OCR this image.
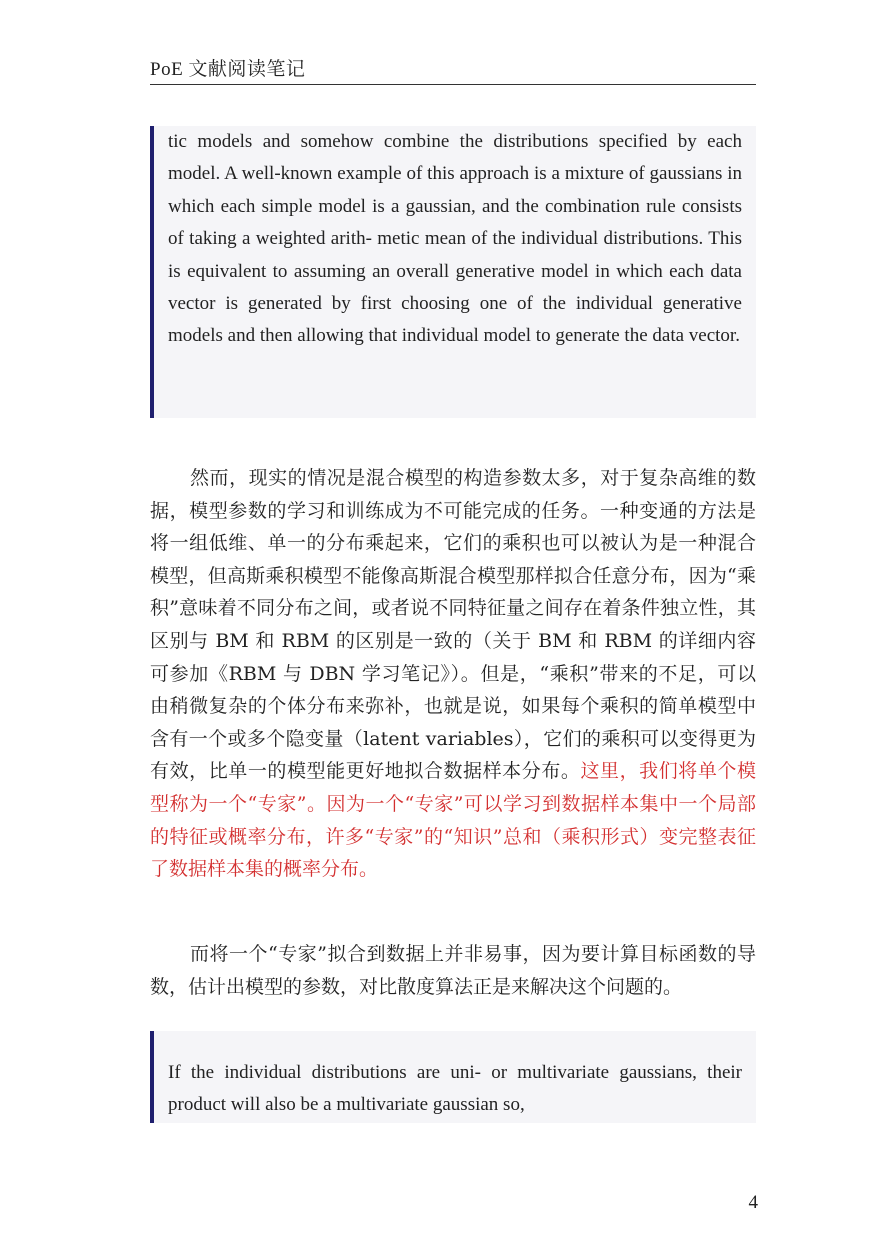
PoE 文献阅读笔记

tic models and somehow combine the distributions specified by each model. A well-known example of this approach is a mixture of gaussians in which each simple model is a gaussian, and the combination rule consists of taking a weighted arith- metic mean of the individual distributions. This is equivalent to assuming an overall generative model in which each data vector is generated by first choosing one of the individual generative models and then allowing that individual model to generate the data vector.

然而，现实的情况是混合模型的构造参数太多，对于复杂高维的数据，模型参数的学习和训练成为不可能完成的任务。一种变通的方法是将一组低维、单一的分布乘起来，它们的乘积也可以被认为是一种混合模型，但高斯乘积模型不能像高斯混合模型那样拟合任意分布，因为“乘积”意味着不同分布之间，或者说不同特征量之间存在着条件独立性，其区别与 BM 和 RBM 的区别是一致的（关于 BM 和 RBM 的详细内容可参加《RBM 与 DBN 学习笔记》）。但是，“乘积”带来的不足，可以由稍微复杂的个体分布来弥补，也就是说，如果每个乘积的简单模型中含有一个或多个隐变量（latent variables），它们的乘积可以变得更为有效，比单一的模型能更好地拟合数据样本分布。这里，我们将单个模型称为一个“专家”。因为一个“专家”可以学习到数据样本集中一个局部的特征或概率分布，许多“专家”的“知识”总和（乘积形式）变完整表征了数据样本集的概率分布。

而将一个“专家”拟合到数据上并非易事，因为要计算目标函数的导数，估计出模型的参数，对比散度算法正是来解决这个问题的。

If the individual distributions are uni- or multivariate gaussians, their product will also be a multivariate gaussian so,

4
